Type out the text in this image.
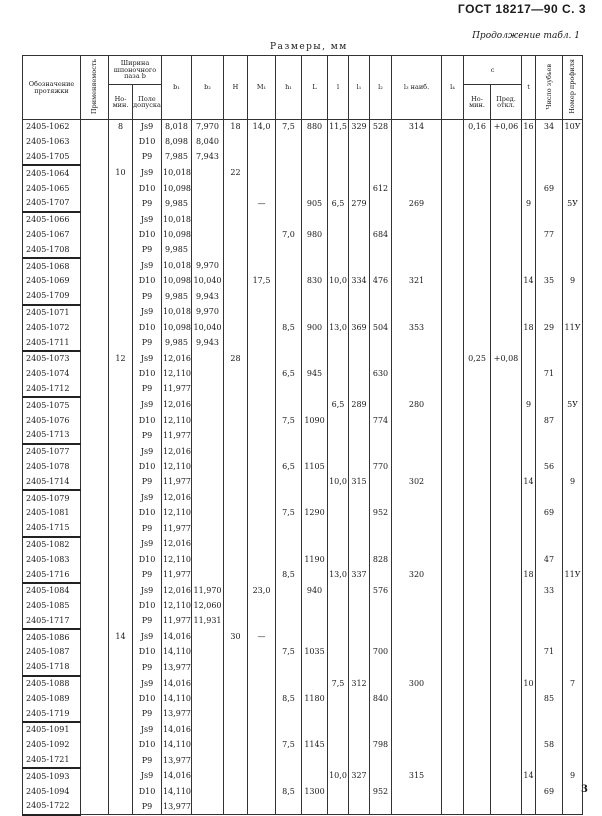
ГОСТ 18217—90 С. 3
Продолжение табл. 1
Размеры, мм
Обозначение протяжки	Применяемость	Ширина шпоночного паза b		b₁	b₂	H	M₁	h₁	L	l	l₁	l₂	l₃ наиб.	l₄	c		t	Число зубьев	Номер профиля
		Но-мин.	Поле допуска												Но-мин.	Пред. откл.			
2405-1062		8	Js9	8,018	7,970	18	14,0	7,5	880	11,5	329	528	314		0,16	+0,06	16	34	10У
2405-1063			D10	8,098	8,040														
2405-1705			P9	7,985	7,943														
2405-1064		10	Js9	10,018		22													
2405-1065			D10	10,098								612						69	
2405-1707			P9	9,985			—		905	6,5	279		269				9		5У
2405-1066			Js9	10,018															
2405-1067			D10	10,098				7,0	980			684						77	
2405-1708			P9	9,985															
2405-1068			Js9	10,018	9,970														
2405-1069			D10	10,098	10,040		17,5		830	10,0	334	476	321				14	35	9
2405-1709			P9	9,985	9,943														
2405-1071			Js9	10,018	9,970														
2405-1072			D10	10,098	10,040			8,5	900	13,0	369	504	353				18	29	11У
2405-1711			P9	9,985	9,943														
2405-1073		12	Js9	12,016		28									0,25	+0,08			
2405-1074			D10	12,110				6,5	945			630						71	
2405-1712			P9	11,977															
2405-1075			Js9	12,016						6,5	289		280				9		5У
2405-1076			D10	12,110				7,5	1090			774						87	
2405-1713			P9	11,977															
2405-1077			Js9	12,016															
2405-1078			D10	12,110				6,5	1105			770						56	
2405-1714			P9	11,977						10,0	315		302				14		9
2405-1079			Js9	12,016															
2405-1081			D10	12,110				7,5	1290			952						69	
2405-1715			P9	11,977															
2405-1082			Js9	12,016															
2405-1083			D10	12,110					1190			828						47	
2405-1716			P9	11,977				8,5		13,0	337		320				18		11У
2405-1084			Js9	12,016	11,970		23,0		940			576						33	
2405-1085			D10	12,110	12,060														
2405-1717			P9	11,977	11,931														
2405-1086		14	Js9	14,016		30	—												
2405-1087			D10	14,110				7,5	1035			700						71	
2405-1718			P9	13,977															
2405-1088			Js9	14,016						7,5	312		300				10		7
2405-1089			D10	14,110				8,5	1180			840						85	
2405-1719			P9	13,977															
2405-1091			Js9	14,016															
2405-1092			D10	14,110				7,5	1145			798						58	
2405-1721			P9	13,977															
2405-1093			Js9	14,016						10,0	327		315				14		9
2405-1094			D10	14,110				8,5	1300			952						69	
2405-1722			P9	13,977															
3
